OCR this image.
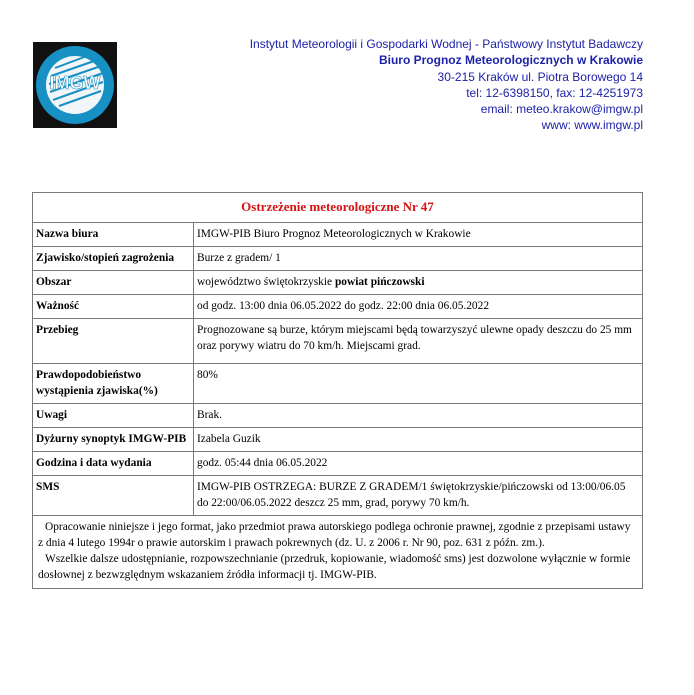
IMGW
Instytut Meteorologii i Gospodarki Wodnej - Państwowy Instytut Badawczy
Biuro Prognoz Meteorologicznych w Krakowie
30-215 Kraków ul. Piotra Borowego 14
tel: 12-6398150, fax: 12-4251973
email: meteo.krakow@imgw.pl
www: www.imgw.pl
Ostrzeżenie meteorologiczne Nr 47	
Nazwa biura	IMGW-PIB Biuro Prognoz Meteorologicznych w Krakowie
Zjawisko/stopień zagrożenia	Burze z gradem/ 1
Obszar	województwo świętokrzyskie powiat pińczowski
Ważność	od godz. 13:00 dnia 06.05.2022 do godz. 22:00 dnia 06.05.2022
Przebieg	Prognozowane są burze, którym miejscami będą towarzyszyć ulewne opady deszczu do 25 mm oraz porywy wiatru do 70 km/h. Miejscami grad.
Prawdopodobieństwo wystąpienia zjawiska(%)	80%
Uwagi	Brak.
Dyżurny synoptyk IMGW-PIB	Izabela Guzik
Godzina i data wydania	godz. 05:44 dnia 06.05.2022
SMS	IMGW-PIB OSTRZEGA: BURZE Z GRADEM/1 świętokrzyskie/pińczowski od 13:00/06.05 do 22:00/06.05.2022 deszcz 25 mm, grad, porywy 70 km/h.

Opracowanie niniejsze i jego format, jako przedmiot prawa autorskiego podlega ochronie prawnej, zgodnie z przepisami ustawy z dnia 4 lutego 1994r o prawie autorskim i prawach pokrewnych (dz. U. z 2006 r. Nr 90, poz. 631 z późn. zm.).
Wszelkie dalsze udostępnianie, rozpowszechnianie (przedruk, kopiowanie, wiadomość sms) jest dozwolone wyłącznie w formie dosłownej z bezwzględnym wskazaniem źródła informacji tj. IMGW-PIB.	
